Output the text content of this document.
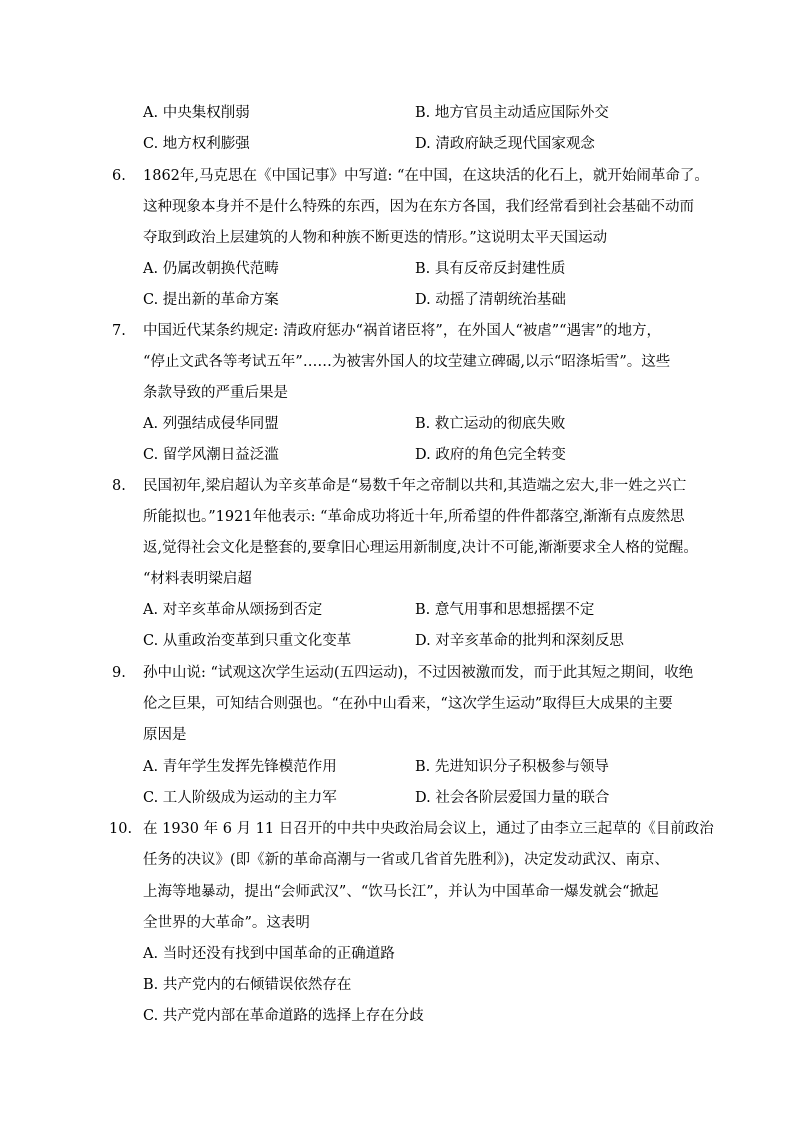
A. 中央集权削弱	B. 地方官员主动适应国际外交
C. 地方权利膨强	D. 清政府缺乏现代国家观念
6. 1862年,马克思在《中国记事》中写道: “在中国，在这块活的化石上，就开始闹革命了。
这种现象本身并不是什么特殊的东西，因为在东方各国，我们经常看到社会基础不动而
夺取到政治上层建筑的人物和种族不断更迭的情形。”这说明太平天国运动
A. 仍属改朝换代范畴	B. 具有反帝反封建性质
C. 提出新的革命方案	D. 动摇了清朝统治基础
7. 中国近代某条约规定: 清政府惩办“祸首诸臣将”，在外国人“被虐”“遇害”的地方，
“停止文武各等考试五年”……为被害外国人的坟茔建立碑碣,以示“昭涤垢雪”。这些
条款导致的严重后果是
A. 列强结成侵华同盟	B. 救亡运动的彻底失败
C. 留学风潮日益泛滥	D. 政府的角色完全转变
8. 民国初年,梁启超认为辛亥革命是“易数千年之帝制以共和,其造端之宏大,非一姓之兴亡
所能拟也。”1921年他表示: “革命成功将近十年,所希望的件件都落空,渐渐有点废然思
返,觉得社会文化是整套的,要拿旧心理运用新制度,决计不可能,渐渐要求全人格的觉醒。
“材料表明梁启超
A. 对辛亥革命从颂扬到否定	B. 意气用事和思想摇摆不定
C. 从重政治变革到只重文化变革	D. 对辛亥革命的批判和深刻反思
9. 孙中山说: “试观这次学生运动(五四运动)，不过因被激而发，而于此其短之期间，收绝
伦之巨果，可知结合则强也。“在孙中山看来，“这次学生运动”取得巨大成果的主要
原因是
A. 青年学生发挥先锋模范作用	B. 先进知识分子积极参与领导
C. 工人阶级成为运动的主力军	D. 社会各阶层爱国力量的联合
10. 在 1930 年 6 月 11 日召开的中共中央政治局会议上，通过了由李立三起草的《目前政治
任务的决议》(即《新的革命高潮与一省或几省首先胜利》)，决定发动武汉、南京、
上海等地暴动，提出“会师武汉”、“饮马长江”，并认为中国革命一爆发就会“掀起
全世界的大革命”。这表明
A. 当时还没有找到中国革命的正确道路
B. 共产党内的右倾错误依然存在
C. 共产党内部在革命道路的选择上存在分歧
